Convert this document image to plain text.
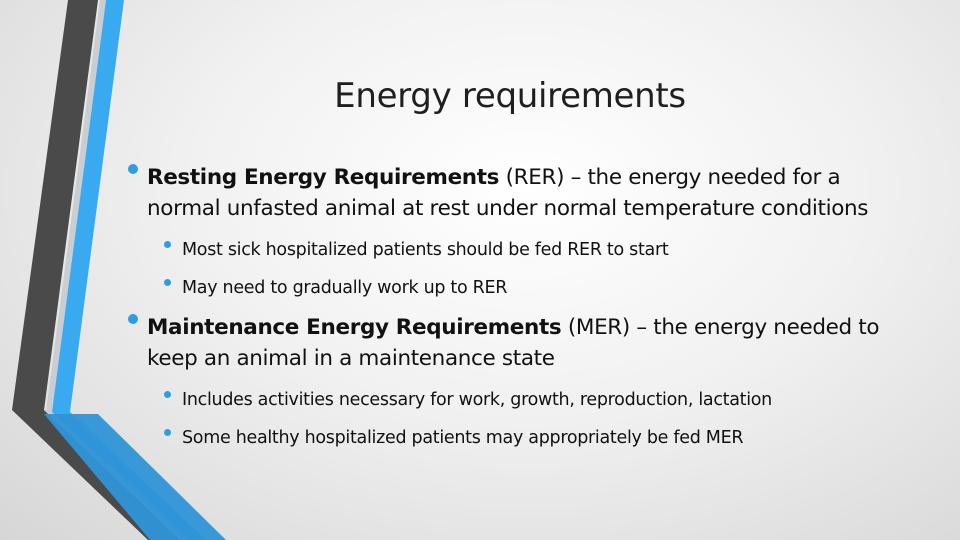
Energy requirements
Resting Energy Requirements (RER) – the energy needed for a normal unfasted animal at rest under normal temperature conditions
Most sick hospitalized patients should be fed RER to start
May need to gradually work up to RER
Maintenance Energy Requirements (MER) – the energy needed to keep an animal in a maintenance state
Includes activities necessary for work, growth, reproduction, lactation
Some healthy hospitalized patients may appropriately be fed MER
